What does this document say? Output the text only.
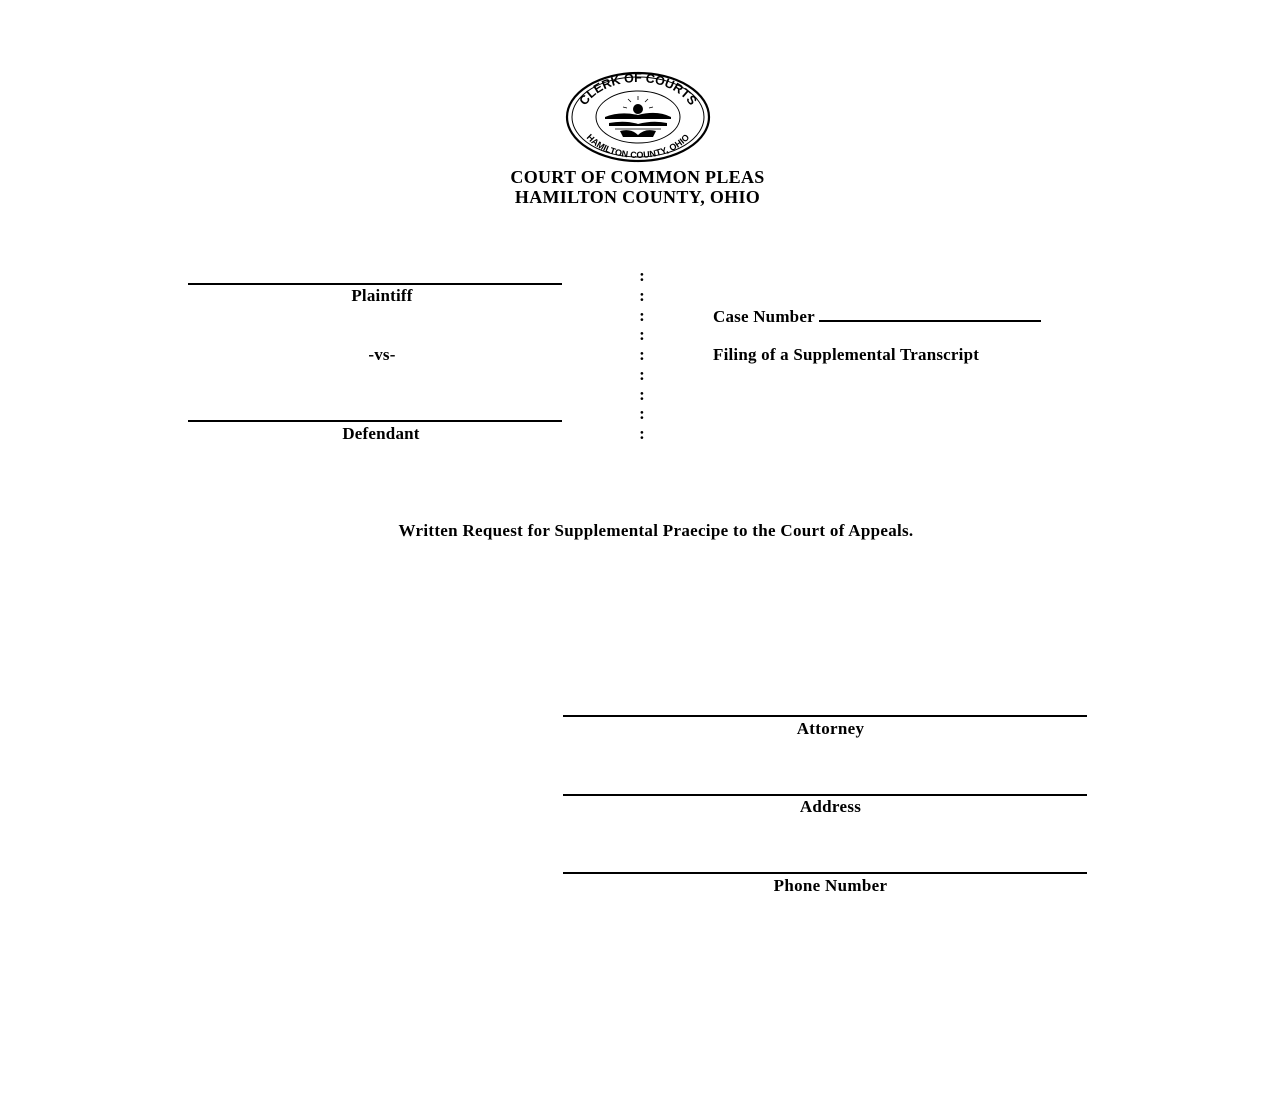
CLERK OF COURTS
HAMILTON COUNTY, OHIO
COURT OF COMMON PLEAS
HAMILTON COUNTY, OHIO
Plaintiff
-vs-
Defendant
:
:
:
:
:
:
:
:
:
Case Number
Filing of a Supplemental Transcript
Written Request for Supplemental Praecipe to the Court of Appeals.
Attorney
Address
Phone Number
